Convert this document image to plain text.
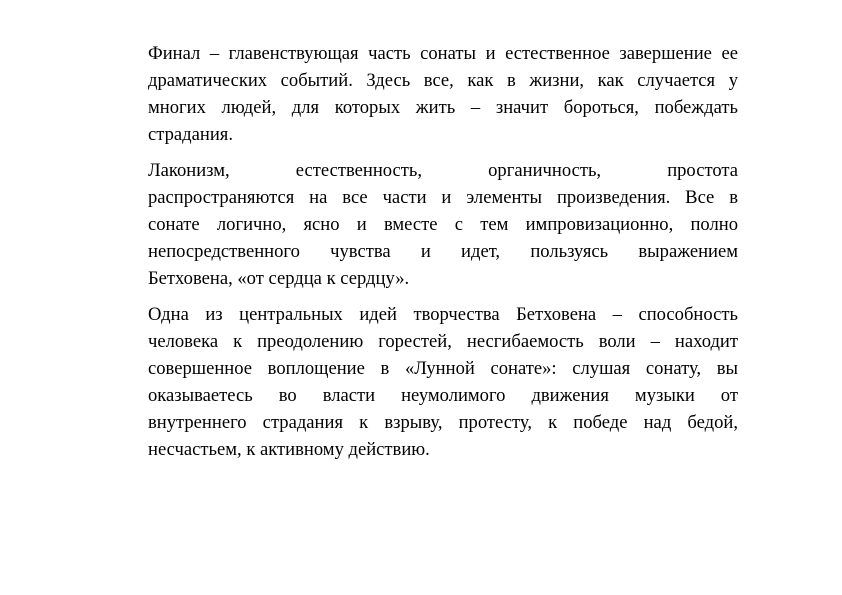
Финал – главенствующая часть сонаты и естественное завершение ее
драматических событий. Здесь все, как в жизни, как случается у
многих людей, для которых жить – значит бороться, побеждать
страдания.

Лаконизм, естественность, органичность, простота
распространяются на все части и элементы произведения. Все в
сонате логично, ясно и вместе с тем импровизационно, полно
непосредственного чувства и идет, пользуясь выражением
Бетховена, «от сердца к сердцу».

Одна из центральных идей творчества Бетховена – способность
человека к преодолению горестей, несгибаемость воли – находит
совершенное воплощение в «Лунной сонате»: слушая сонату, вы
оказываетесь во власти неумолимого движения музыки от
внутреннего страдания к взрыву, протесту, к победе над бедой,
несчастьем, к активному действию.
